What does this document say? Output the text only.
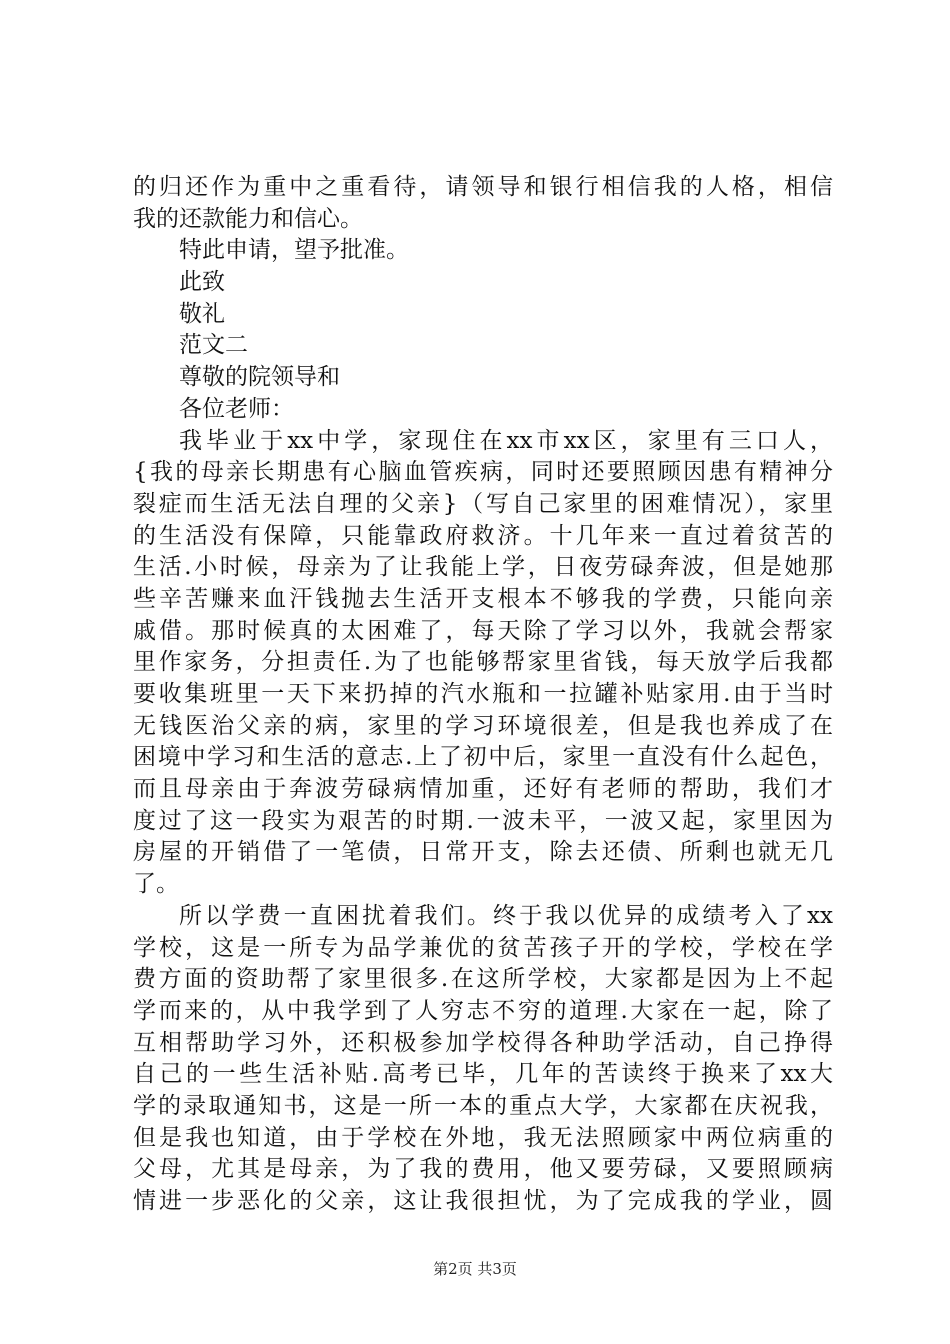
的归还作为重中之重看待，请领导和银行相信我的人格，相信
我的还款能力和信心。
特此申请，望予批准。
此致
敬礼
范文二
尊敬的院领导和
各位老师：
我毕业于xx中学，家现住在xx市xx区，家里有三口人，
{我的母亲长期患有心脑血管疾病，同时还要照顾因患有精神分
裂症而生活无法自理的父亲}（写自己家里的困难情况），家里
的生活没有保障，只能靠政府救济。十几年来一直过着贫苦的
生活.小时候，母亲为了让我能上学，日夜劳碌奔波，但是她那
些辛苦赚来血汗钱抛去生活开支根本不够我的学费，只能向亲
戚借。那时候真的太困难了，每天除了学习以外，我就会帮家
里作家务，分担责任.为了也能够帮家里省钱，每天放学后我都
要收集班里一天下来扔掉的汽水瓶和一拉罐补贴家用.由于当时
无钱医治父亲的病，家里的学习环境很差，但是我也养成了在
困境中学习和生活的意志.上了初中后，家里一直没有什么起色，
而且母亲由于奔波劳碌病情加重，还好有老师的帮助，我们才
度过了这一段实为艰苦的时期.一波未平，一波又起，家里因为
房屋的开销借了一笔债，日常开支，除去还债、所剩也就无几
了。
所以学费一直困扰着我们。终于我以优异的成绩考入了xx
学校，这是一所专为品学兼优的贫苦孩子开的学校，学校在学
费方面的资助帮了家里很多.在这所学校，大家都是因为上不起
学而来的，从中我学到了人穷志不穷的道理.大家在一起，除了
互相帮助学习外，还积极参加学校得各种助学活动，自己挣得
自己的一些生活补贴.高考已毕，几年的苦读终于换来了xx大
学的录取通知书，这是一所一本的重点大学，大家都在庆祝我，
但是我也知道，由于学校在外地，我无法照顾家中两位病重的
父母，尤其是母亲，为了我的费用，他又要劳碌，又要照顾病
情进一步恶化的父亲，这让我很担忧，为了完成我的学业，圆
第2页 共3页
